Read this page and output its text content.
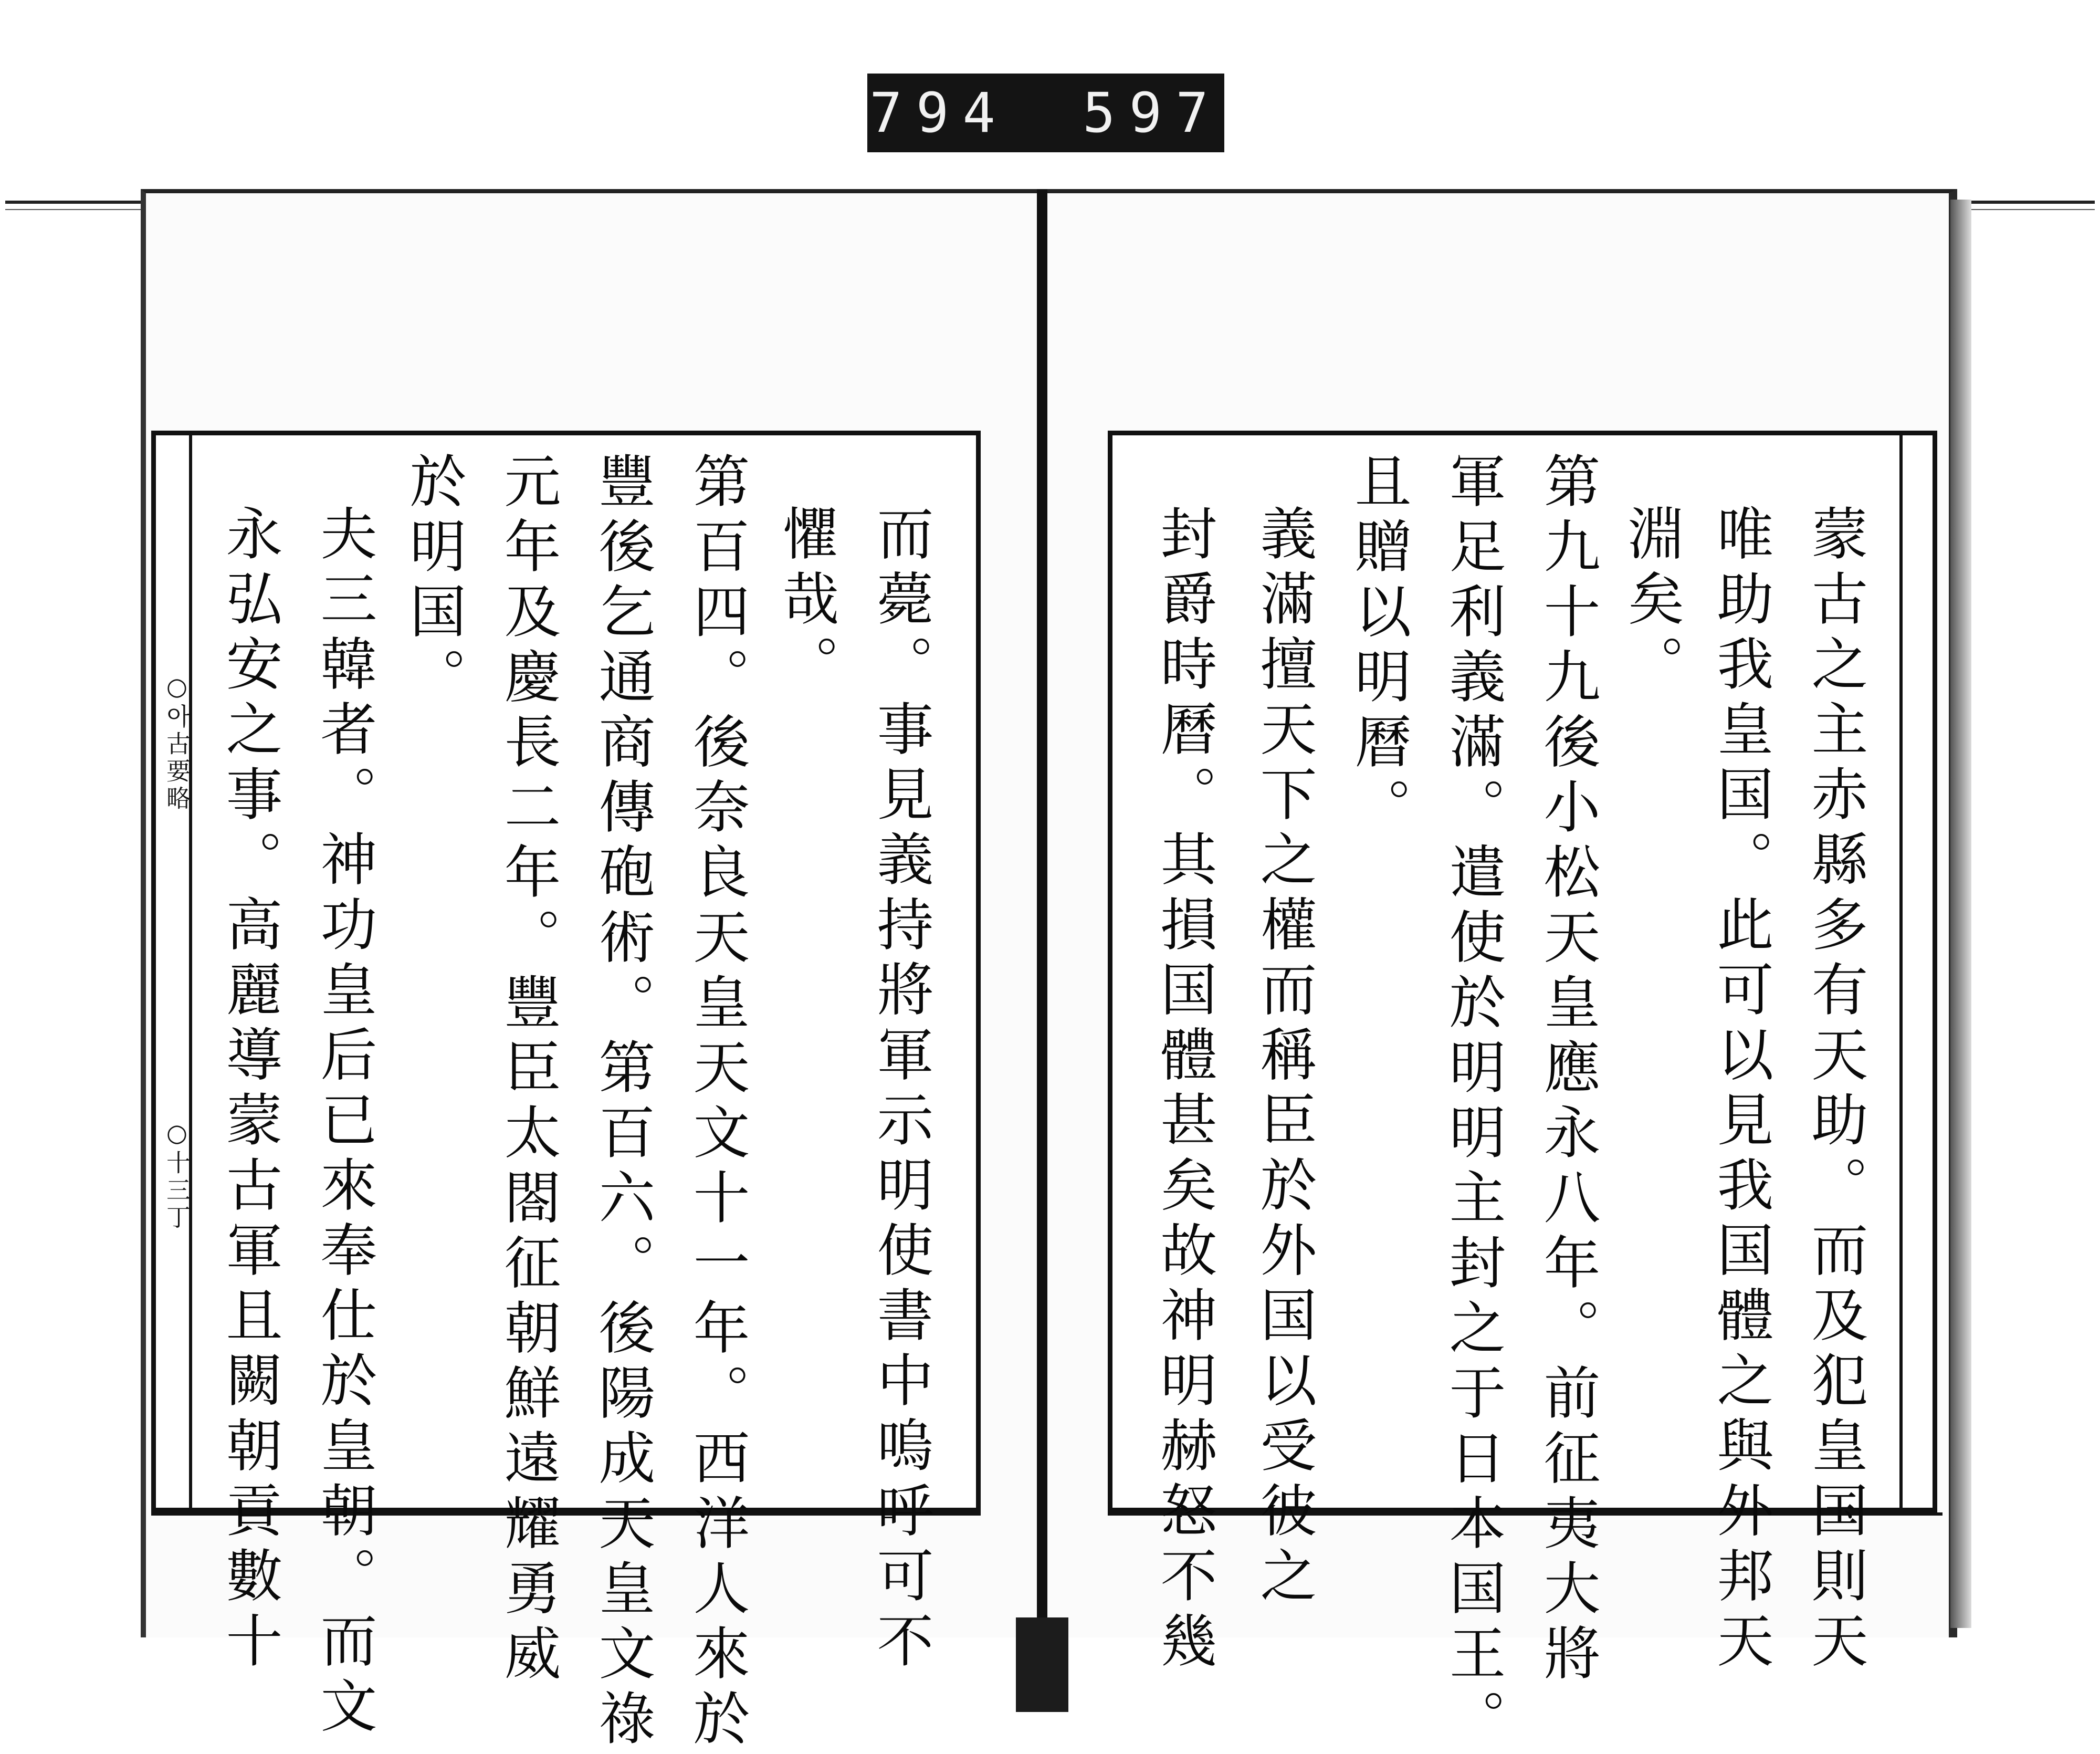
794 597
蒙古之主赤縣多有天助。而及犯皇国則天
唯助我皇国。此可以見我国體之與外邦天
淵矣。
第九十九後小松天皇應永八年。前征夷大將
軍足利義滿。遣使於明明主封之于日本国王。
且贈以明曆。
義滿擅天下之權而稱臣於外国以受彼之
封爵時曆。其損国體甚矣故神明赫怒不幾
而薨。事見義持將軍示明使書中嗚呼可不
懼哉。
第百四。後奈良天皇天文十一年。西洋人來於
豐後乞通商傳砲術。第百六。後陽成天皇文祿
元年及慶長二年。豐臣太閤征朝鮮遠耀勇威
於明国。
夫三韓者。神功皇后已來奉仕於皇朝。而文
永弘安之事。高麗導蒙古軍且闕朝貢數十
○아古要略
○十三丁
